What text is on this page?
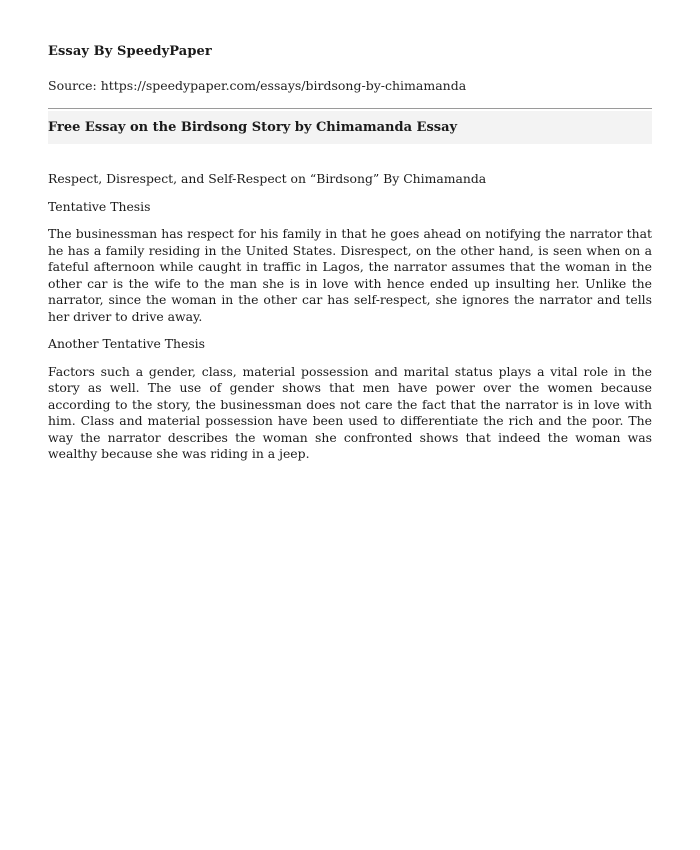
Essay By SpeedyPaper
Source: https://speedypaper.com/essays/birdsong-by-chimamanda
Free Essay on the Birdsong Story by Chimamanda Essay

Respect, Disrespect, and Self-Respect on “Birdsong” By Chimamanda

Tentative Thesis

The businessman has respect for his family in that he goes ahead on notifying the narrator that he has a family residing in the United States. Disrespect, on the other hand, is seen when on a fateful afternoon while caught in traffic in Lagos, the narrator assumes that the woman in the other car is the wife to the man she is in love with hence ended up insulting her. Unlike the narrator, since the woman in the other car has self-respect, she ignores the narrator and tells her driver to drive away.

Another Tentative Thesis

Factors such a gender, class, material possession and marital status plays a vital role in the story as well. The use of gender shows that men have power over the women because according to the story, the businessman does not care the fact that the narrator is in love with him. Class and material possession have been used to differentiate the rich and the poor. The way the narrator describes the woman she confronted shows that indeed the woman was wealthy because she was riding in a jeep.
